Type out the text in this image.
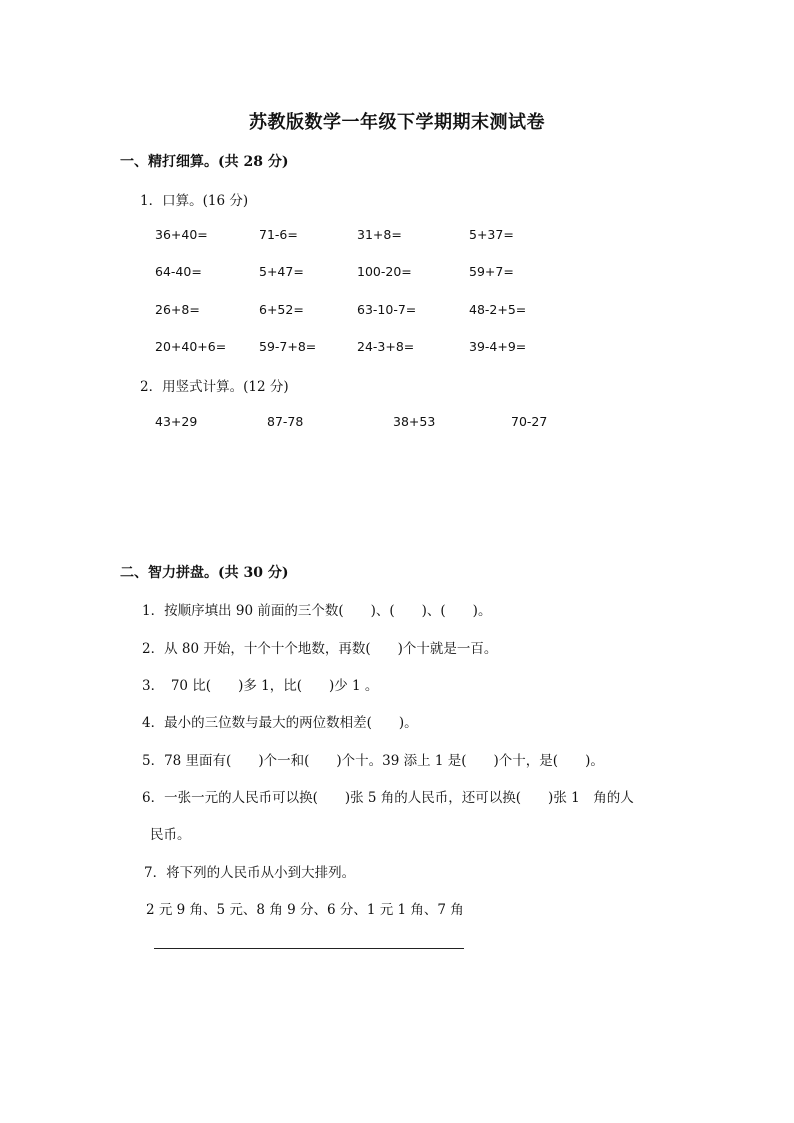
苏教版数学一年级下学期期末测试卷
一、精打细算。(共 28 分)
1．口算。(16 分)
36+40=	71-6=	31+8=	5+37=
64-40=	5+47=	100-20=	59+7=
26+8=	6+52=	63-10-7=	48-2+5=
20+40+6=	59-7+8=	24-3+8=	39-4+9=
2．用竖式计算。(12 分)
43+29	87-78	38+53	70-27
二、智力拼盘。(共 30 分)
1．按顺序填出 90 前面的三个数(　　)、(　　)、(　　)。
2．从 80 开始，十个十个地数，再数(　　)个十就是一百。
3．　70 比(　　)多 1，比(　　)少 1 。
4．最小的三位数与最大的两位数相差(　　)。
5．78 里面有(　　)个一和(　　)个十。39 添上 1 是(　　)个十，是(　　)。
6．一张一元的人民币可以换(　　)张 5 角的人民币，还可以换(　　)张 1　角的人
民币。
7．将下列的人民币从小到大排列。
2 元 9 角、5 元、8 角 9 分、6 分、1 元 1 角、7 角
